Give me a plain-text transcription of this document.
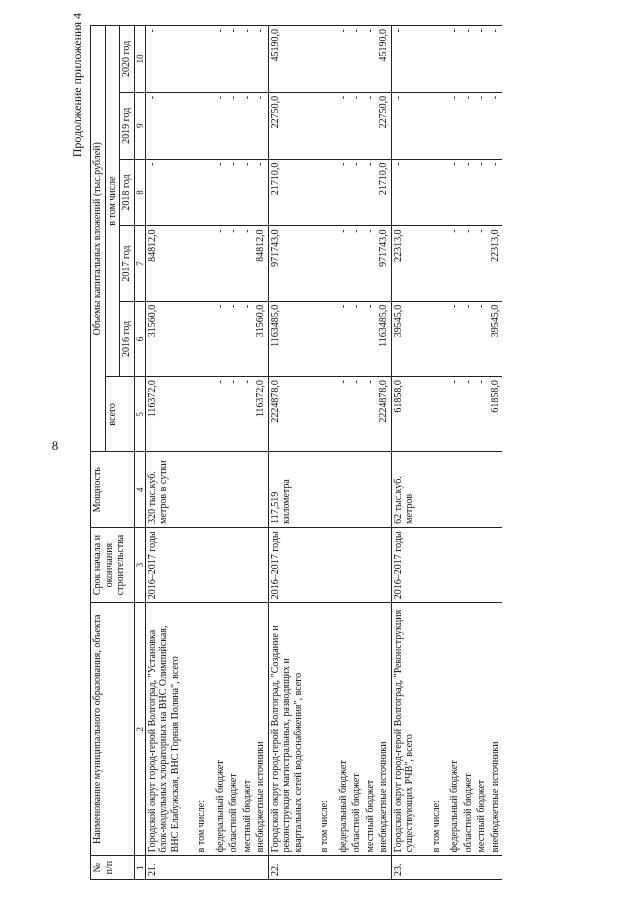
8
Продолжение приложения 4
№ п/п	Наименование муниципального образования, объекта	Срок начала и окончания строительства	Мощность	Объемы капитальных вложений (тыс.рублей)					
				всего	в том числе				
					2016 год	2017 год	2018 год	2019 год	2020 год
1	2	3	4	5	6	7	8	9	10
21.	Городской округ город-герой Волгоград, "Установка блок-модульных хлораторных на ВНС Олимпийская, ВНС Елабужская, ВНС Горная Поляна", всего	2016–2017 годы	320 тыс.куб. метров в сутки	116372,0	31560,0	84812,0	-	-	-
	в том числе:								
	федеральный бюджет			-	-	-	-	-	-
	областной бюджет			-	-	-	-	-	-
	местный бюджет			-	-	-	-	-	-
	внебюджетные источники			116372,0	31560,0	84812,0	-	-	-
22.	Городской округ город-герой Волгоград, "Создание и реконструкция магистральных, разводящих и квартальных сетей водоснабжения", всего	2016–2017 годы	117,519 километра	2224878,0	1163485,0	971743,0	21710,0	22750,0	45190,0
	в том числе:								
	федеральный бюджет			-	-	-	-	-	-
	областной бюджет			-	-	-	-	-	-
	местный бюджет			-	-	-	-	-	-
	внебюджетные источники			2224878,0	1163485,0	971743,0	21710,0	22750,0	45190,0
23.	Городской округ город-герой Волгоград, "Реконструкция существующих РЧВ", всего	2016–2017 годы	62 тыс.куб. метров	61858,0	39545,0	22313,0	-	-	-
	в том числе:								
	федеральный бюджет			-	-	-	-	-	-
	областной бюджет			-	-	-	-	-	-
	местный бюджет			-	-	-	-	-	-
	внебюджетные источники			61858,0	39545,0	22313,0	-	-	-
